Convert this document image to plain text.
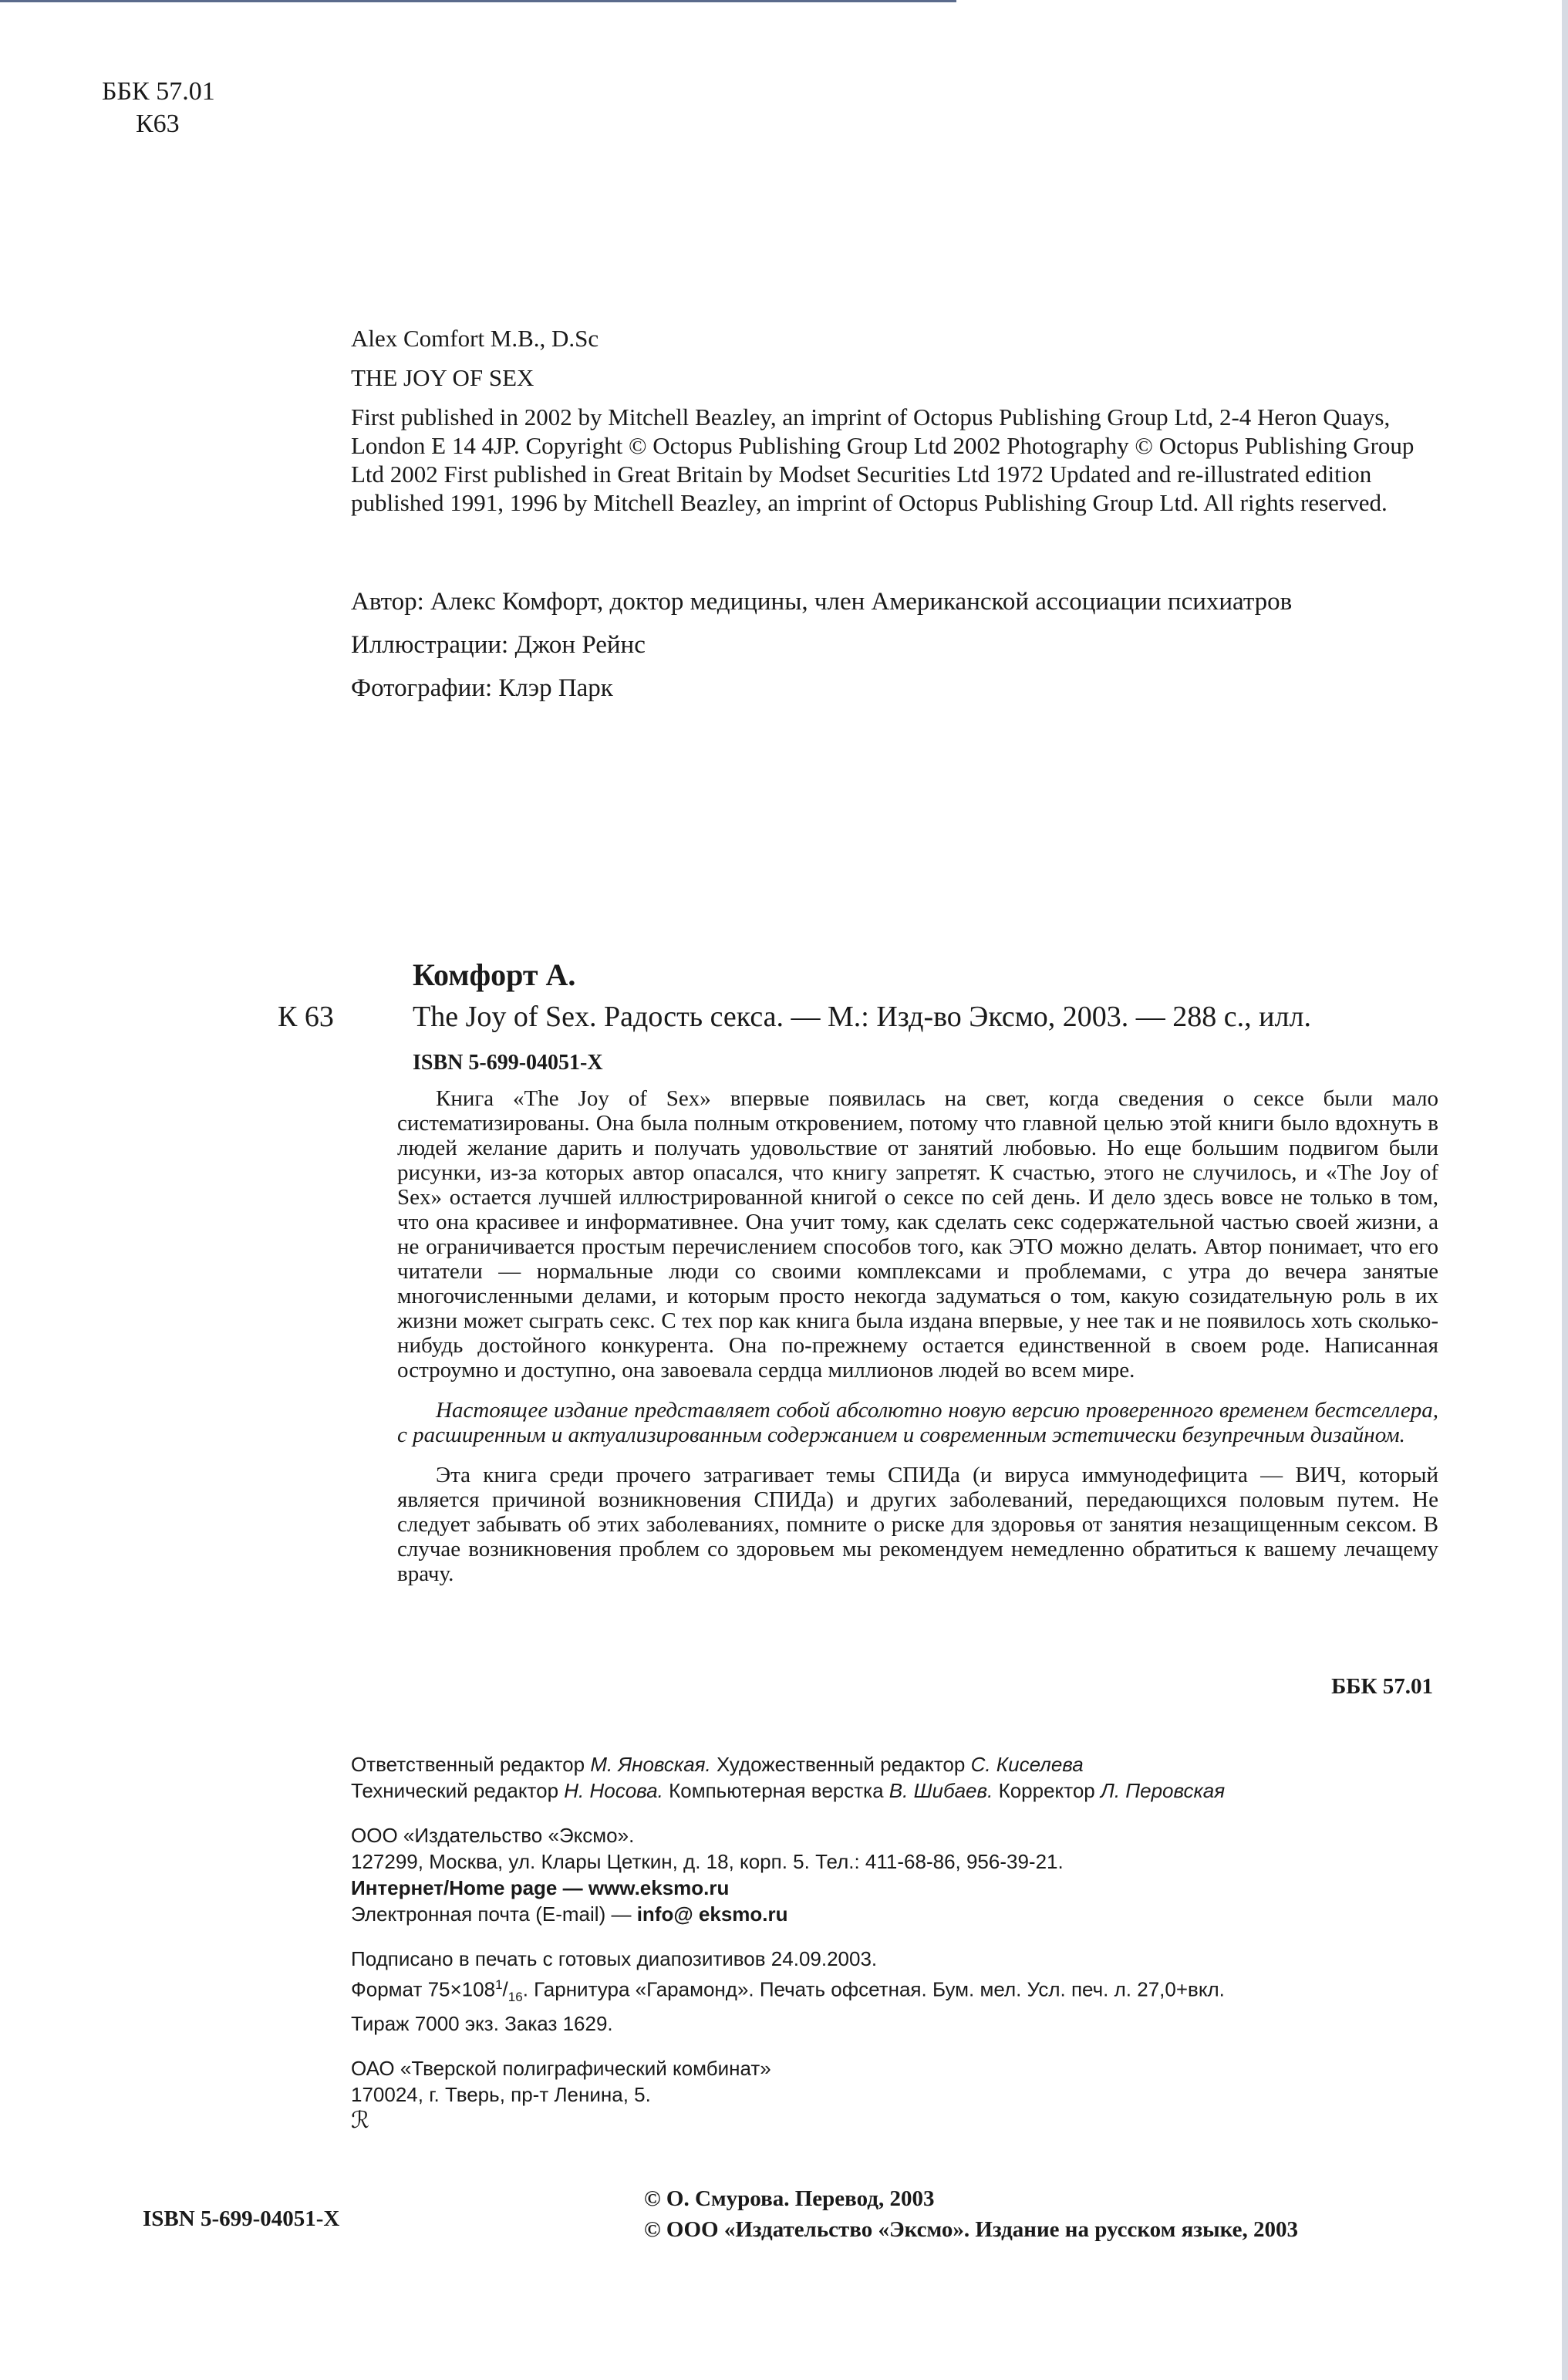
ББК 57.01
К63
Alex Comfort M.B., D.Sc
THE JOY OF SEX
First published in 2002 by Mitchell Beazley, an imprint of Octopus Publishing Group Ltd, 2-4 Heron Quays, London E 14 4JP. Copyright © Octopus Publishing Group Ltd 2002 Photography © Octopus Publishing Group Ltd 2002 First published in Great Britain by Modset Securities Ltd 1972 Updated and re-illustrated edition published 1991, 1996 by Mitchell Beazley, an imprint of Octopus Publishing Group Ltd. All rights reserved.
Автор: Алекс Комфорт, доктор медицины, член Американской ассоциации психиатров
Иллюстрации: Джон Рейнс
Фотографии: Клэр Парк
Комфорт А.
К 63	The Joy of Sex. Радость секса. — М.: Изд-во Эксмо, 2003. — 288 с., илл.
ISBN 5-699-04051-X

Книга «The Joy of Sex» впервые появилась на свет, когда сведения о сексе были мало систематизированы. Она была полным откровением, потому что главной целью этой книги было вдохнуть в людей желание дарить и получать удовольствие от занятий любовью. Но еще большим подвигом были рисунки, из-за которых автор опасался, что книгу запретят. К счастью, этого не случилось, и «The Joy of Sex» остается лучшей иллюстрированной книгой о сексе по сей день. И дело здесь вовсе не только в том, что она красивее и информативнее. Она учит тому, как сделать секс содержательной частью своей жизни, а не ограничивается простым перечислением способов того, как ЭТО можно делать. Автор понимает, что его читатели — нормальные люди со своими комплексами и проблемами, с утра до вечера занятые многочисленными делами, и которым просто некогда задуматься о том, какую созидательную роль в их жизни может сыграть секс. С тех пор как книга была издана впервые, у нее так и не появилось хоть сколько-нибудь достойного конкурента. Она по-прежнему остается единственной в своем роде. Написанная остроумно и доступно, она завоевала сердца миллионов людей во всем мире.

Настоящее издание представляет собой абсолютно новую версию проверенного временем бестселлера, с расширенным и актуализированным содержанием и современным эстетически безупречным дизайном.

Эта книга среди прочего затрагивает темы СПИДа (и вируса иммунодефицита — ВИЧ, который является причиной возникновения СПИДа) и других заболеваний, передающихся половым путем. Не следует забывать об этих заболеваниях, помните о риске для здоровья от занятия незащищенным сексом. В случае возникновения проблем со здоровьем мы рекомендуем немедленно обратиться к вашему лечащему врачу.

ББК 57.01
Ответственный редактор М. Яновская. Художественный редактор С. Киселева
Технический редактор Н. Носова. Компьютерная верстка В. Шибаев. Корректор Л. Перовская
ООО «Издательство «Эксмо».
127299, Москва, ул. Клары Цеткин, д. 18, корп. 5. Тел.: 411-68-86, 956-39-21.
Интернет/Home page — www.eksmo.ru
Электронная почта (E-mail) — info@ eksmo.ru
Подписано в печать с готовых диапозитивов 24.09.2003.
Формат $75\times 108^1/_{16}$. Гарнитура «Гарамонд». Печать офсетная. Бум. мел. Усл. печ. л. 27,0+вкл.
Тираж 7000 экз. Заказ 1629.
ОАО «Тверской полиграфический комбинат»
170024, г. Тверь, пр-т Ленина, 5.
ℛ
ISBN 5-699-04051-X
© О. Смурова. Перевод, 2003
© ООО «Издательство «Эксмо». Издание на русском языке, 2003
